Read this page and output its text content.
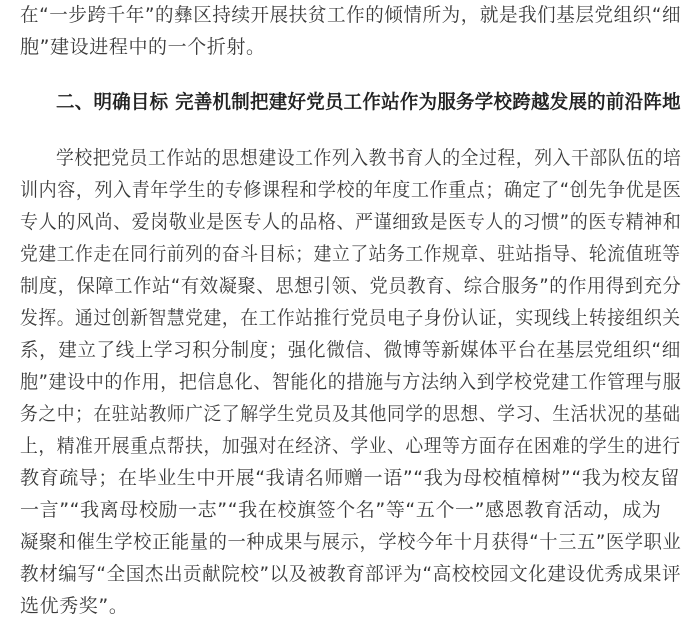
在“一步跨千年”的彝区持续开展扶贫工作的倾情所为，就是我们基层党组织“细
胞”建设进程中的一个折射。
二、明确目标 完善机制把建好党员工作站作为服务学校跨越发展的前沿阵地
学校把党员工作站的思想建设工作列入教书育人的全过程，列入干部队伍的培
训内容，列入青年学生的专修课程和学校的年度工作重点；确定了“创先争优是医
专人的风尚、爱岗敬业是医专人的品格、严谨细致是医专人的习惯”的医专精神和
党建工作走在同行前列的奋斗目标；建立了站务工作规章、驻站指导、轮流值班等
制度，保障工作站“有效凝聚、思想引领、党员教育、综合服务”的作用得到充分
发挥。通过创新智慧党建，在工作站推行党员电子身份认证，实现线上转接组织关
系，建立了线上学习积分制度；强化微信、微博等新媒体平台在基层党组织“细
胞”建设中的作用，把信息化、智能化的措施与方法纳入到学校党建工作管理与服
务之中；在驻站教师广泛了解学生党员及其他同学的思想、学习、生活状况的基础
上，精准开展重点帮扶，加强对在经济、学业、心理等方面存在困难的学生的进行
教育疏导；在毕业生中开展“我请名师赠一语”“我为母校植樟树”“我为校友留
一言”“我离母校励一志”“我在校旗签个名”等“五个一”感恩教育活动，成为
凝聚和催生学校正能量的一种成果与展示，学校今年十月获得“十三五”医学职业
教材编写“全国杰出贡献院校”以及被教育部评为“高校校园文化建设优秀成果评
选优秀奖”。
